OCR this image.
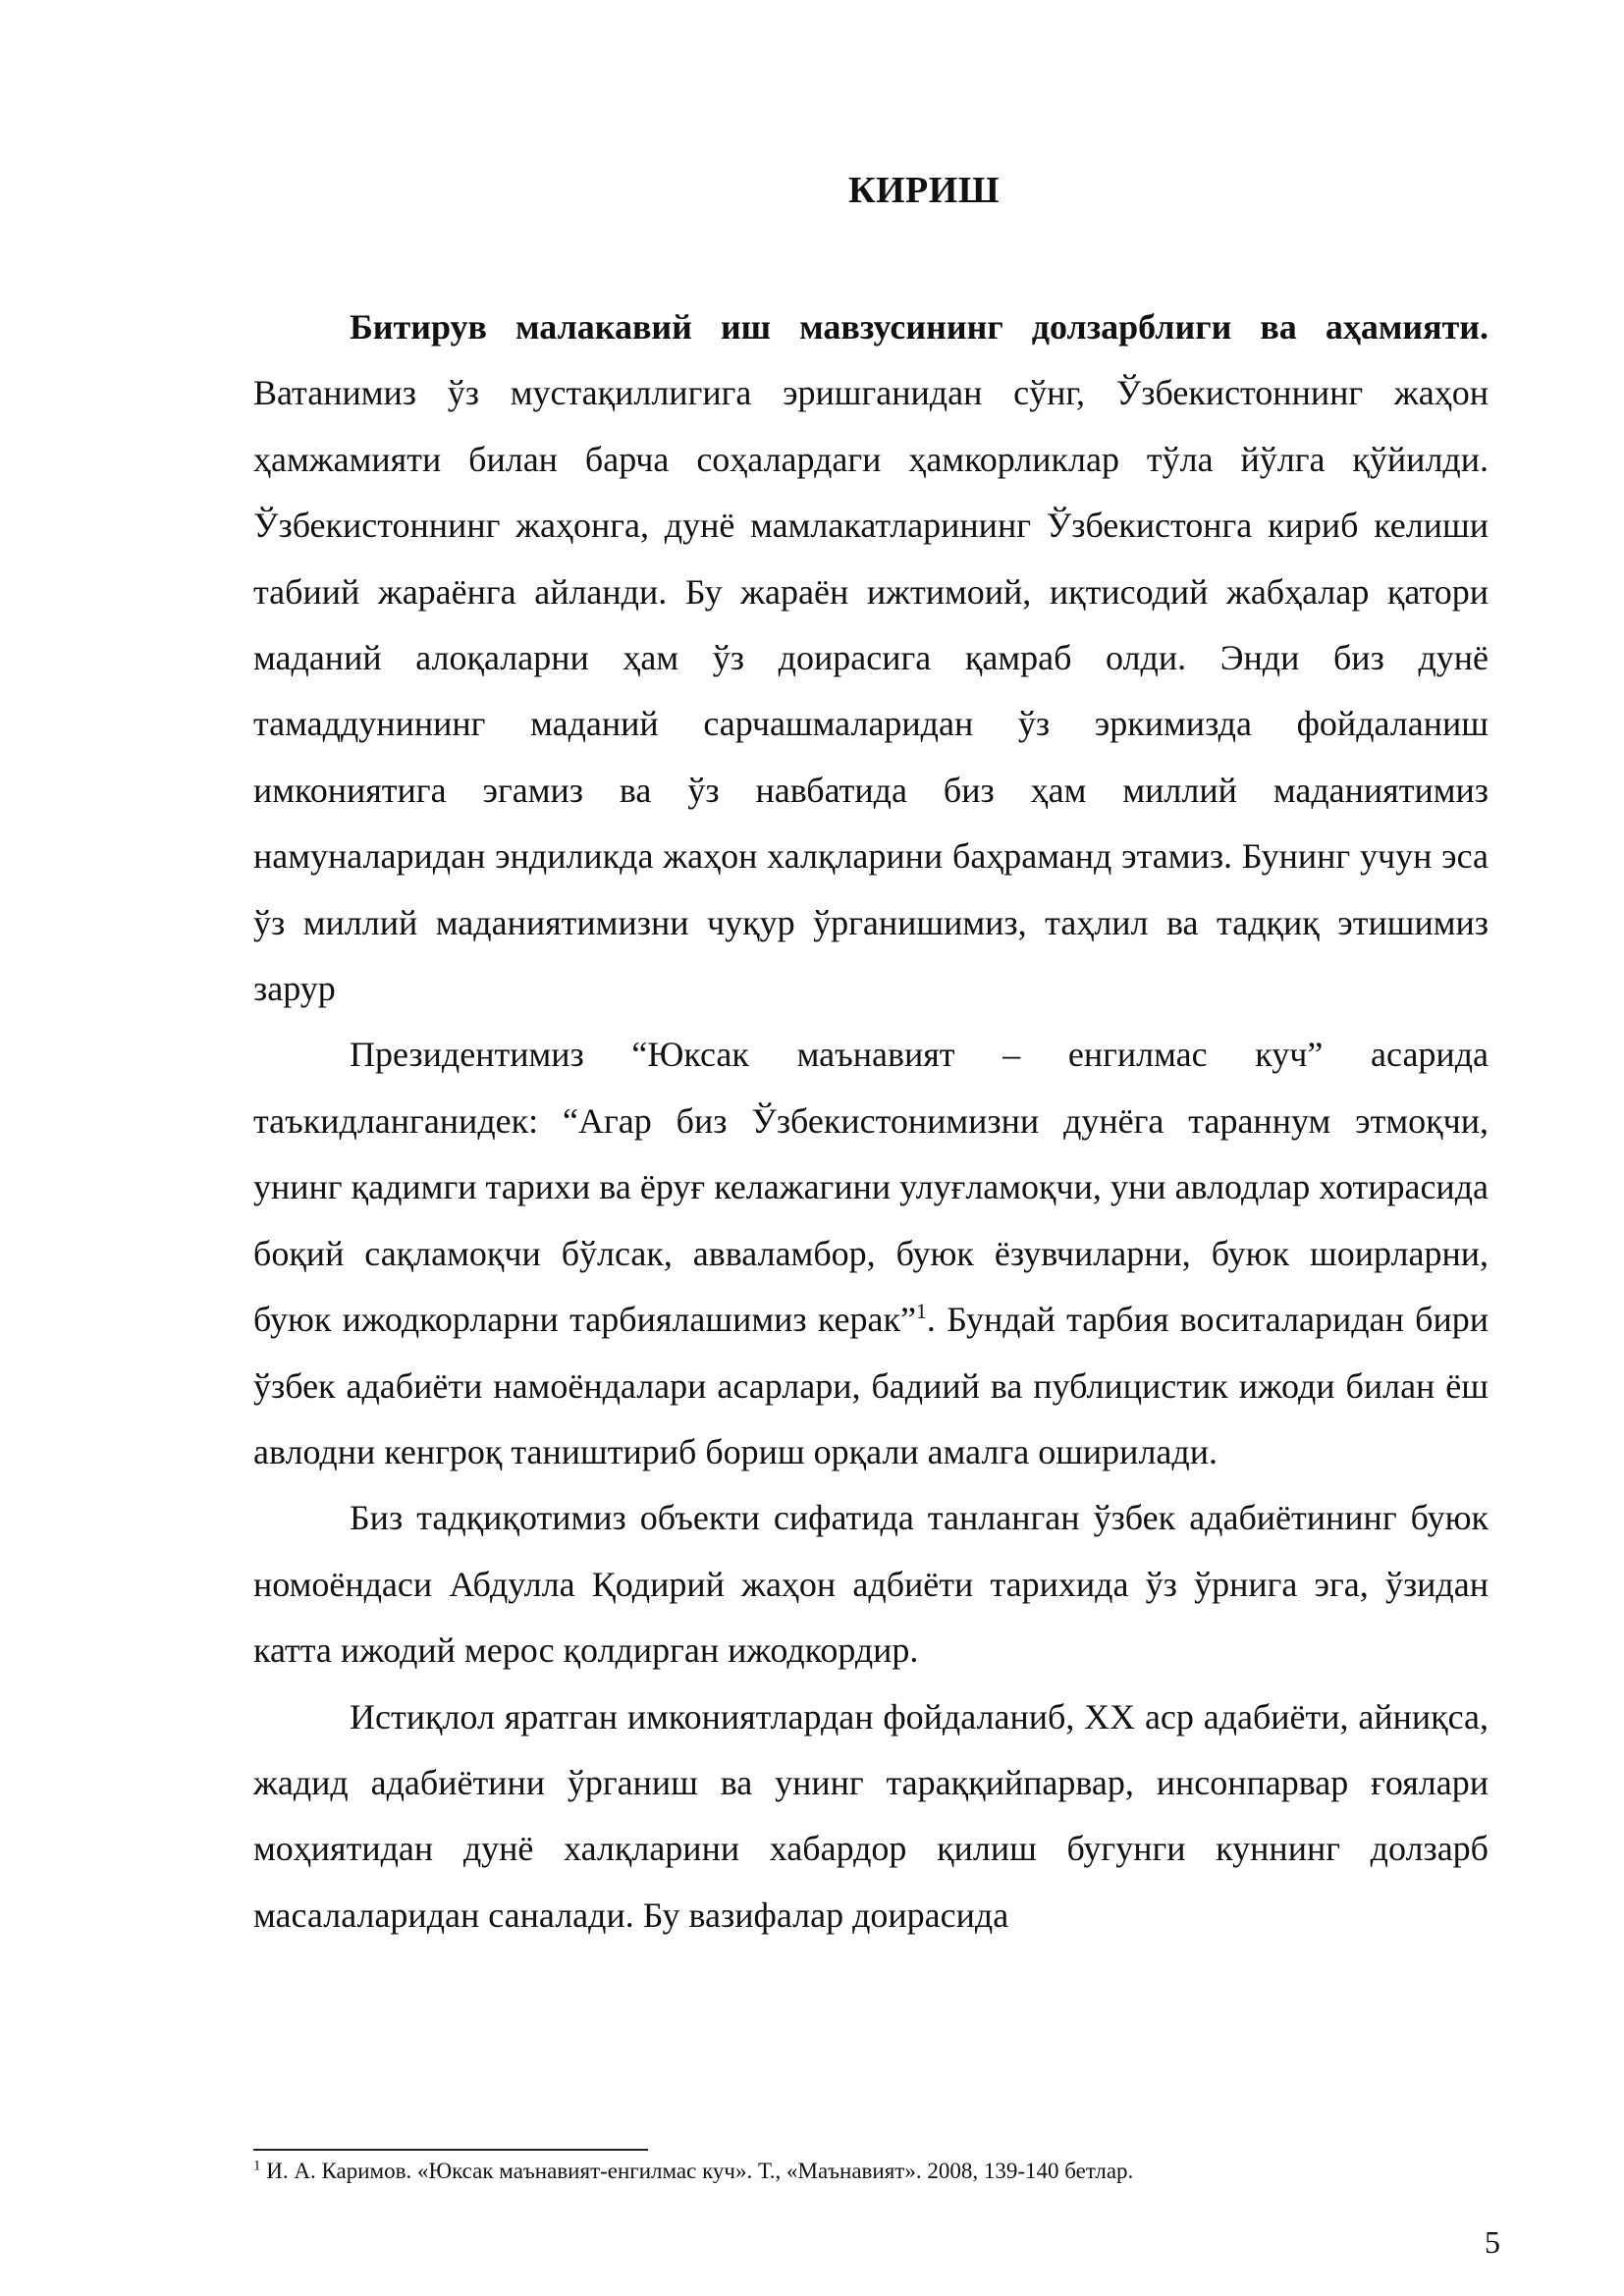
КИРИШ
Битирув малакавий иш мавзусининг долзарблиги ва аҳамияти.

Ватанимиз ўз мустақиллигига эришганидан сўнг, Ўзбекистоннинг жаҳон ҳамжамияти билан барча соҳалардаги ҳамкорликлар тўла йўлга қўйилди. Ўзбекистоннинг жаҳонга, дунё мамлакатларининг Ўзбекистонга кириб келиши табиий жараёнга айланди. Бу жараён ижтимоий, иқтисодий жабҳалар қатори маданий алоқаларни ҳам ўз доирасига қамраб олди. Энди биз дунё тамаддунининг маданий сарчашмаларидан ўз эркимизда фойдаланиш имкониятига эгамиз ва ўз навбатида биз ҳам миллий маданиятимиз намуналаридан эндиликда жаҳон халқларини баҳраманд этамиз. Бунинг учун эса ўз миллий маданиятимизни чуқур ўрганишимиз, таҳлил ва тадқиқ этишимиз зарур

Президентимиз “Юксак маънавият – енгилмас куч” асарида таъкидланганидек: “Агар биз Ўзбекистонимизни дунёга тараннум этмоқчи, унинг қадимги тарихи ва ёруғ келажагини улуғламоқчи, уни авлодлар хотирасида боқий сақламоқчи бўлсак, авваламбор, буюк ёзувчиларни, буюк шоирларни, буюк ижодкорларни тарбиялашимиз керак”$^1$. Бундай тарбия воситаларидан бири ўзбек адабиёти намоёндалари асарлари, бадиий ва публицистик ижоди билан ёш авлодни кенгроқ таништириб бориш орқали амалга оширилади.

Биз тадқиқотимиз объекти сифатида танланган ўзбек адабиётининг буюк номоёндаси Абдулла Қодирий жаҳон адбиёти тарихида ўз ўрнига эга, ўзидан катта ижодий мерос қолдирган ижодкордир.

Истиқлол яратган имкониятлардан фойдаланиб, XX аср адабиёти, айниқса, жадид адабиётини ўрганиш ва унинг тараққийпарвар, инсонпарвар ғоялари моҳиятидан дунё халқларини хабардор қилиш бугунги куннинг долзарб масалаларидан саналади. Бу вазифалар доирасида

$^1$ И. А. Каримов. «Юксак маънавият-енгилмас куч». Т., «Маънавият». 2008, 139-140 бетлар.
5
